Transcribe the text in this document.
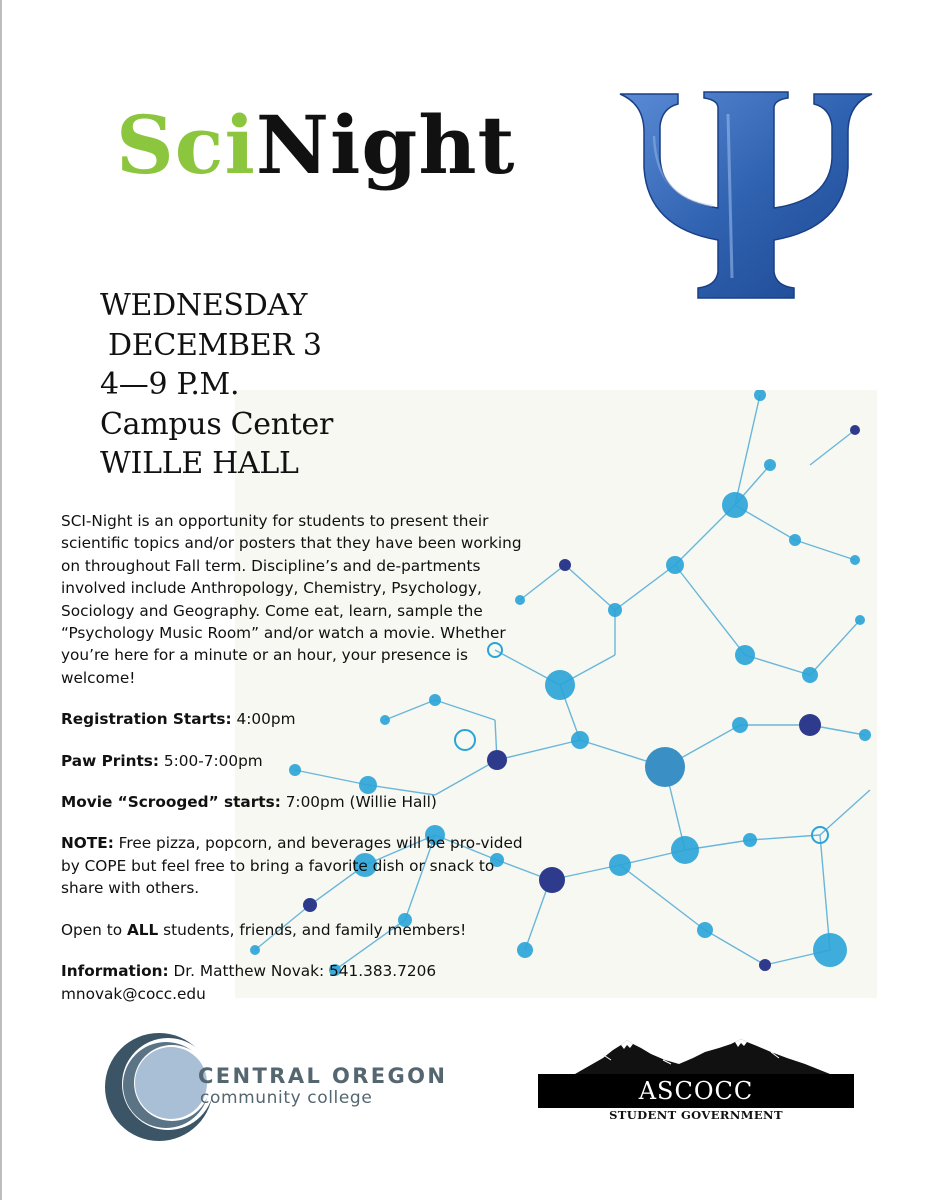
SciNight
WEDNESDAY
DECEMBER 3
4—9 P.M.
Campus Center
WILLE HALL

SCI-Night is an opportunity for students to present their scientific topics and/or posters that they have been working on throughout Fall term. Discipline’s and de-partments involved include Anthropology, Chemistry, Psychology, Sociology and Geography. Come eat, learn, sample the “Psychology Music Room” and/or watch a movie. Whether you’re here for a minute or an hour, your presence is welcome!

Registration Starts: 4:00pm

Paw Prints: 5:00-7:00pm

Movie “Scrooged” starts: 7:00pm (Willie Hall)

NOTE: Free pizza, popcorn, and beverages will be pro-vided by COPE but feel free to bring a favorite dish or snack to share with others.

Open to ALL students, friends, and family members!

Information: Dr. Matthew Novak: 541.383.7206

mnovak@cocc.edu

CENTRAL OREGON
community college	ASCOCC
STUDENT GOVERNMENT
